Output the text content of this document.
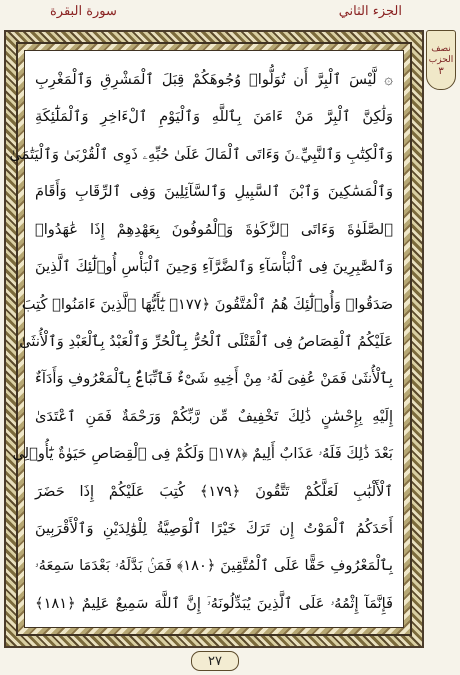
سورة البقرة	الجزء الثاني
نصف
الحزب
٣
۞ لَّيْسَ ٱلْبِرَّ أَن تُوَلُّوا۟ وُجُوهَكُمْ قِبَلَ ٱلْمَشْرِقِ وَٱلْمَغْرِبِ
وَلَٰكِنَّ ٱلْبِرَّ مَنْ ءَامَنَ بِٱللَّهِ وَٱلْيَوْمِ ٱلْءَاخِرِ وَٱلْمَلَٰٓئِكَةِ
وَٱلْكِتَٰبِ وَٱلنَّبِيِّۦنَ وَءَاتَى ٱلْمَالَ عَلَىٰ حُبِّهِۦ ذَوِى ٱلْقُرْبَىٰ وَٱلْيَتَٰمَىٰ
وَٱلْمَسَٰكِينَ وَٱبْنَ ٱلسَّبِيلِ وَٱلسَّآئِلِينَ وَفِى ٱلرِّقَابِ وَأَقَامَ
ٱلصَّلَوٰةَ وَءَاتَى ٱلزَّكَوٰةَ وَٱلْمُوفُونَ بِعَهْدِهِمْ إِذَا عَٰهَدُوا۟
وَٱلصَّٰبِرِينَ فِى ٱلْبَأْسَآءِ وَٱلضَّرَّآءِ وَحِينَ ٱلْبَأْسِ أُو۟لَٰٓئِكَ ٱلَّذِينَ
صَدَقُوا۟ وَأُو۟لَٰٓئِكَ هُمُ ٱلْمُتَّقُونَ ﴿١٧٧﴾ يَٰٓأَيُّهَا ٱلَّذِينَ ءَامَنُوا۟ كُتِبَ
عَلَيْكُمُ ٱلْقِصَاصُ فِى ٱلْقَتْلَى ٱلْحُرُّ بِٱلْحُرِّ وَٱلْعَبْدُ بِٱلْعَبْدِ وَٱلْأُنثَىٰ
بِٱلْأُنثَىٰ فَمَنْ عُفِىَ لَهُۥ مِنْ أَخِيهِ شَىْءٌ فَٱتِّبَاعٌۢ بِٱلْمَعْرُوفِ وَأَدَآءٌ
إِلَيْهِ بِإِحْسَٰنٍ ذَٰلِكَ تَخْفِيفٌ مِّن رَّبِّكُمْ وَرَحْمَةٌ فَمَنِ ٱعْتَدَىٰ
بَعْدَ ذَٰلِكَ فَلَهُۥ عَذَابٌ أَلِيمٌ ﴿١٧٨﴾ وَلَكُمْ فِى ٱلْقِصَاصِ حَيَوٰةٌ يَٰٓأُو۟لِى
ٱلْأَلْبَٰبِ لَعَلَّكُمْ تَتَّقُونَ ﴿١٧٩﴾ كُتِبَ عَلَيْكُمْ إِذَا حَضَرَ
أَحَدَكُمُ ٱلْمَوْتُ إِن تَرَكَ خَيْرًا ٱلْوَصِيَّةُ لِلْوَٰلِدَيْنِ وَٱلْأَقْرَبِينَ
بِٱلْمَعْرُوفِ حَقًّا عَلَى ٱلْمُتَّقِينَ ﴿١٨٠﴾ فَمَنۢ بَدَّلَهُۥ بَعْدَمَا سَمِعَهُۥ
فَإِنَّمَآ إِثْمُهُۥ عَلَى ٱلَّذِينَ يُبَدِّلُونَهُۥٓ إِنَّ ٱللَّهَ سَمِيعٌ عَلِيمٌ ﴿١٨١﴾
٢٧
